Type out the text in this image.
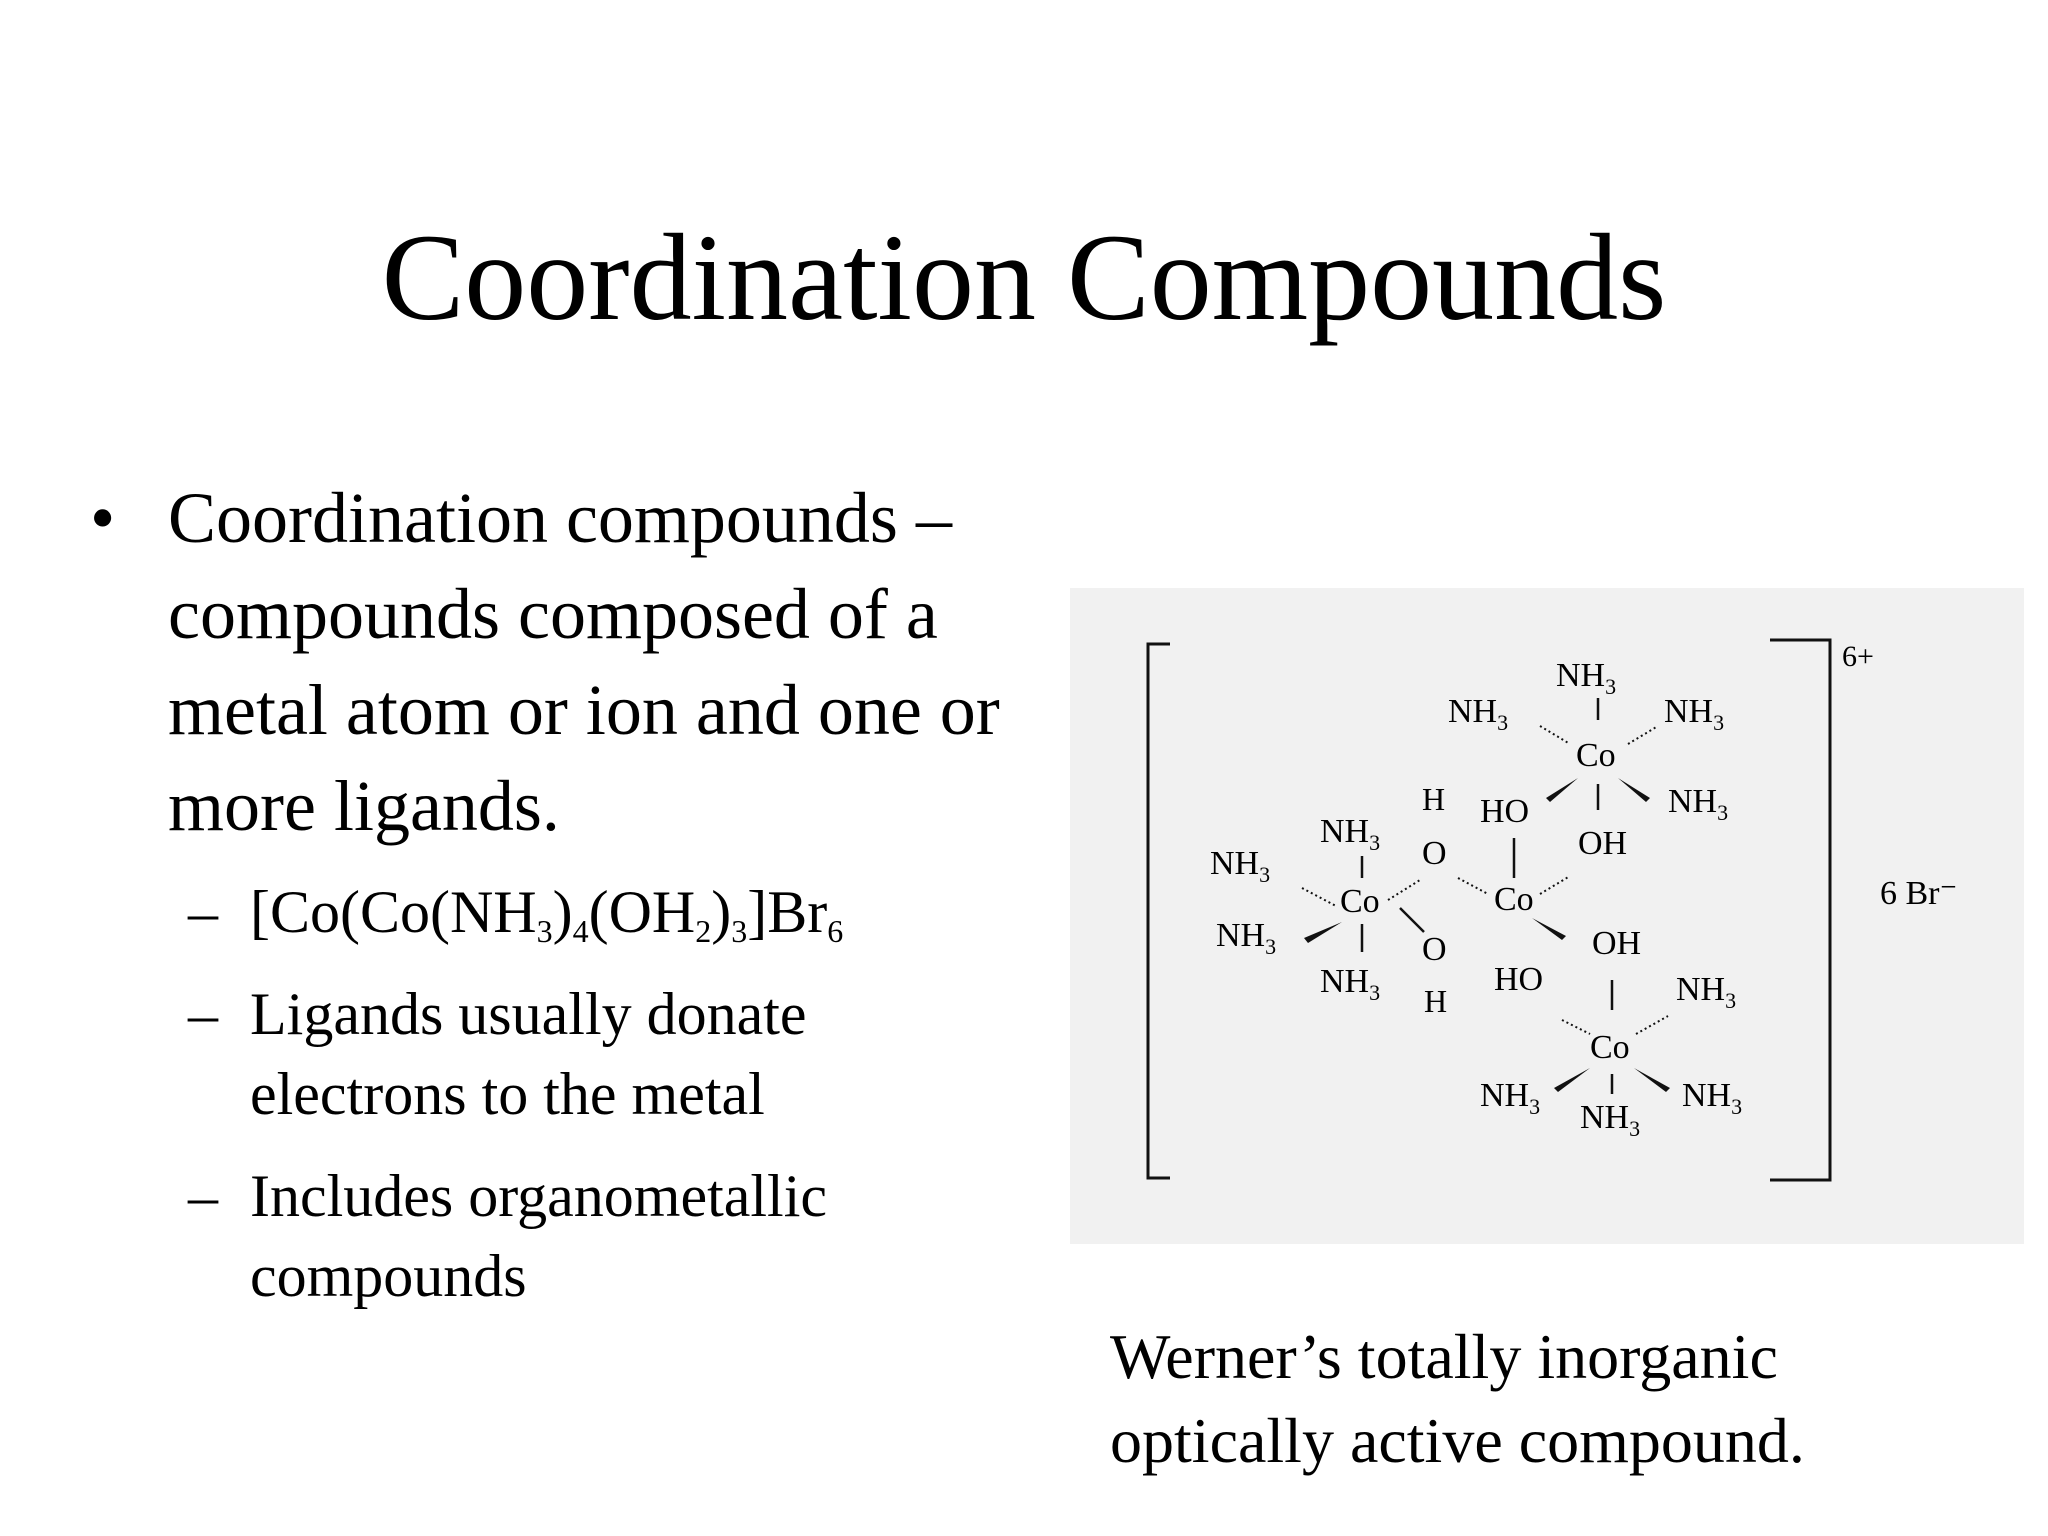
Coordination Compounds
• Coordination compounds – compounds composed of a metal atom or ion and one or more ligands.
– [$Co(Co(NH_3)_4(OH_2)_3]Br_6$
– Ligands usually donate electrons to the metal
– Includes organometallic compounds
6+
6 Br⁻
$NH_3$
$NH_3$	$NH_3$
Co
$NH_3$
$NH_3$
H HO
OH
O
$NH_3$
Co	Co
$NH_3$	O	OH
$NH_3$ H
HO	$NH_3$
Co
$NH_3$	$NH_3$
$NH_3$
Werner’s totally inorganic
optically active compound.
